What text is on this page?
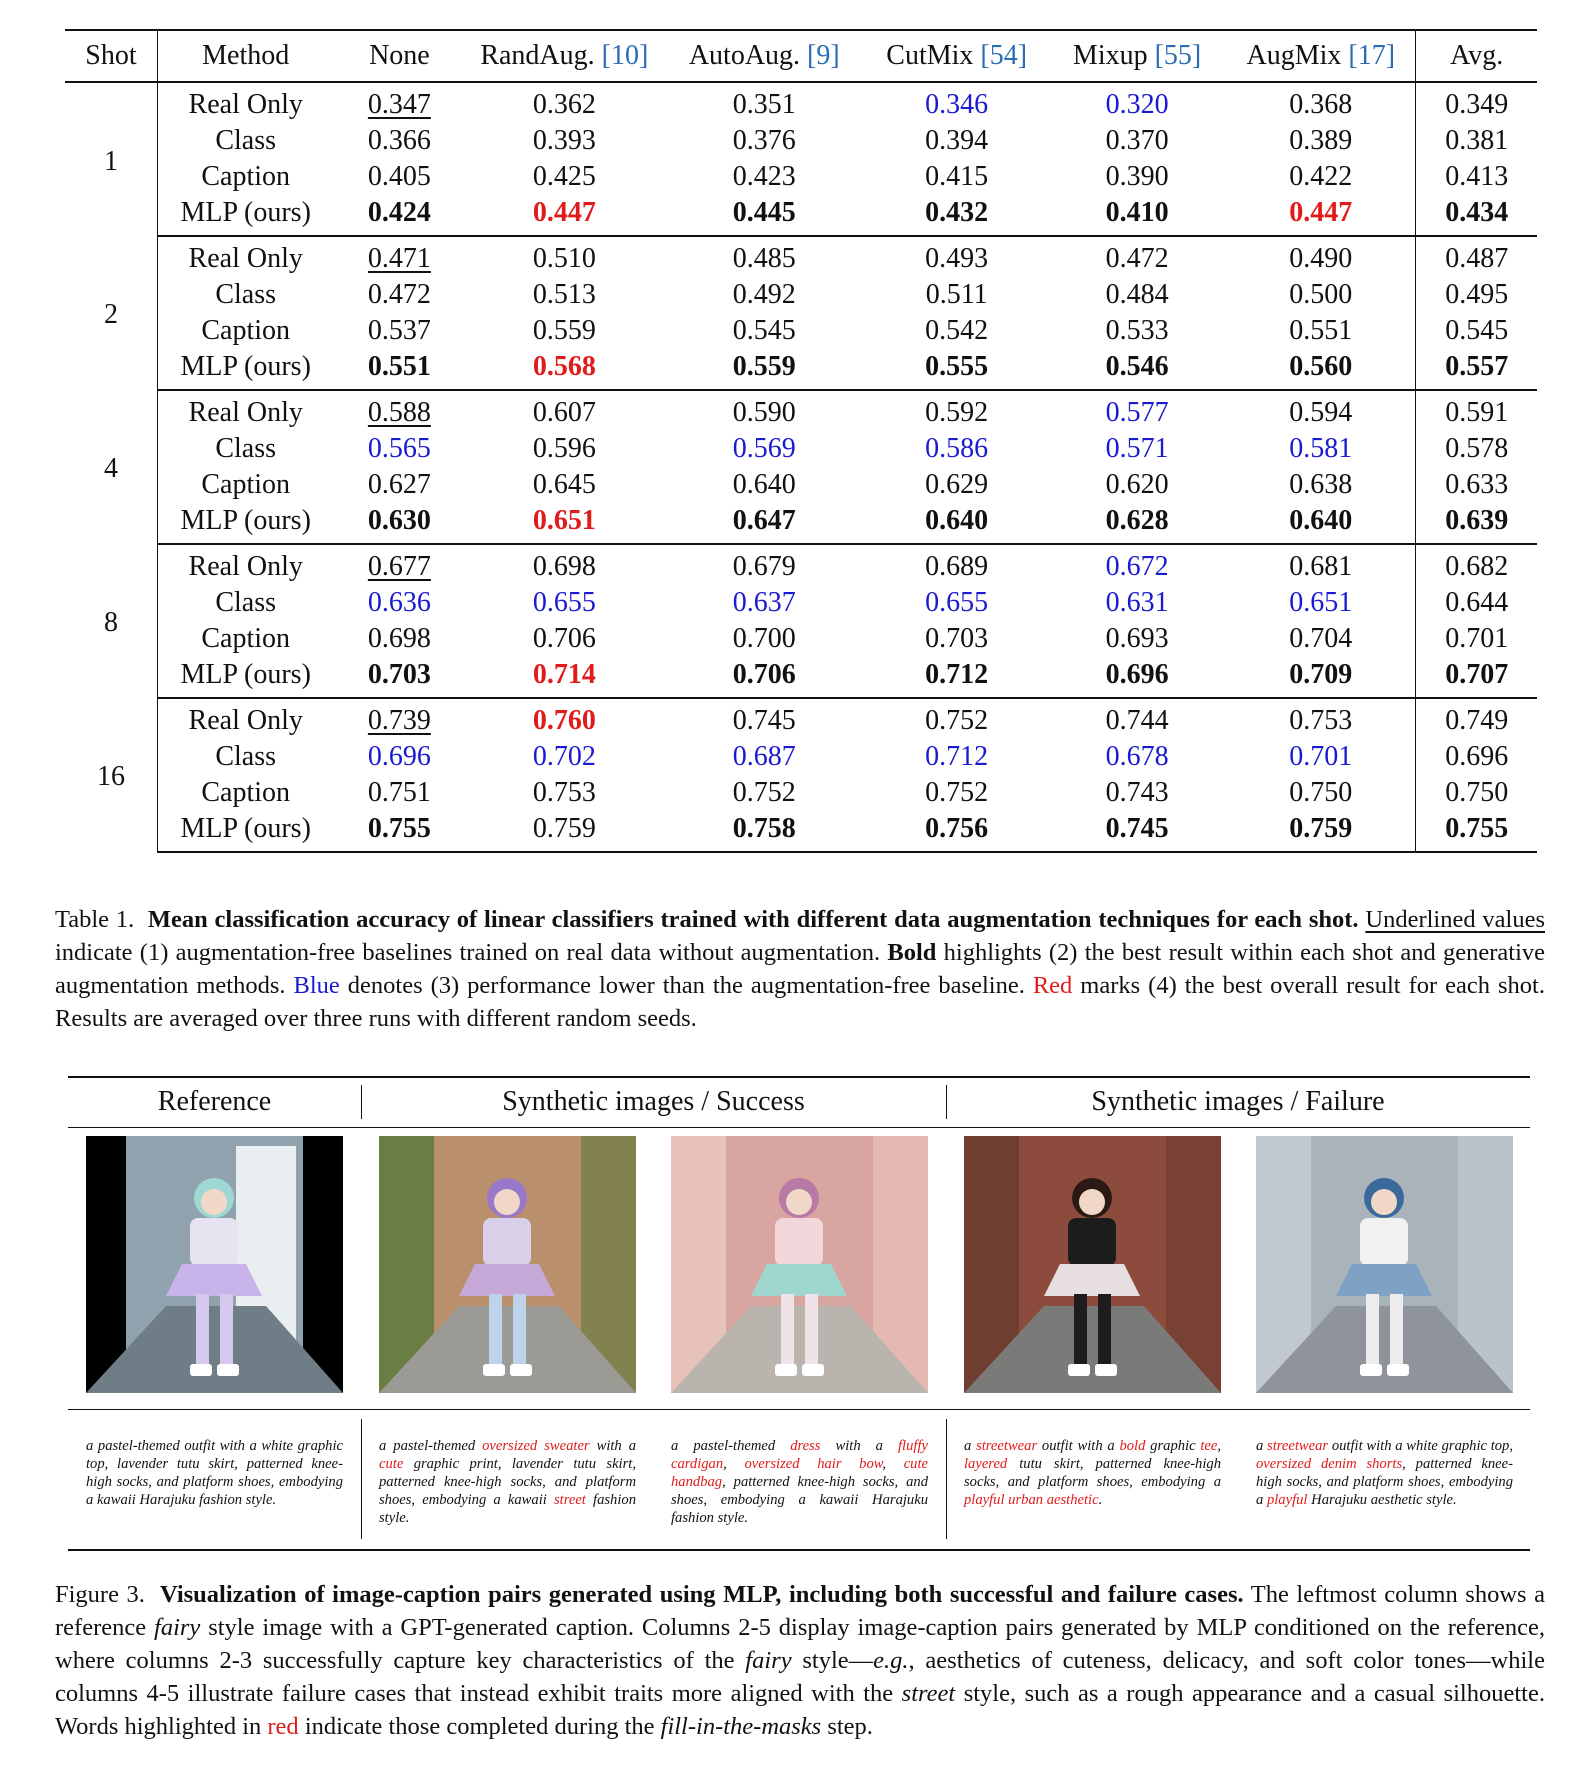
Shot	Method	None	RandAug. [10]	AutoAug. [9]	CutMix [54]	Mixup [55]	AugMix [17]	Avg.
1	Real Only	0.347	0.362	0.351	0.346	0.320	0.368	0.349
	Class	0.366	0.393	0.376	0.394	0.370	0.389	0.381
	Caption	0.405	0.425	0.423	0.415	0.390	0.422	0.413
	MLP (ours)	0.424	0.447	0.445	0.432	0.410	0.447	0.434
2	Real Only	0.471	0.510	0.485	0.493	0.472	0.490	0.487
	Class	0.472	0.513	0.492	0.511	0.484	0.500	0.495
	Caption	0.537	0.559	0.545	0.542	0.533	0.551	0.545
	MLP (ours)	0.551	0.568	0.559	0.555	0.546	0.560	0.557
4	Real Only	0.588	0.607	0.590	0.592	0.577	0.594	0.591
	Class	0.565	0.596	0.569	0.586	0.571	0.581	0.578
	Caption	0.627	0.645	0.640	0.629	0.620	0.638	0.633
	MLP (ours)	0.630	0.651	0.647	0.640	0.628	0.640	0.639
8	Real Only	0.677	0.698	0.679	0.689	0.672	0.681	0.682
	Class	0.636	0.655	0.637	0.655	0.631	0.651	0.644
	Caption	0.698	0.706	0.700	0.703	0.693	0.704	0.701
	MLP (ours)	0.703	0.714	0.706	0.712	0.696	0.709	0.707
16	Real Only	0.739	0.760	0.745	0.752	0.744	0.753	0.749
	Class	0.696	0.702	0.687	0.712	0.678	0.701	0.696
	Caption	0.751	0.753	0.752	0.752	0.743	0.750	0.750
	MLP (ours)	0.755	0.759	0.758	0.756	0.745	0.759	0.755
Table 1. Mean classification accuracy of linear classifiers trained with different data augmentation techniques for each shot. Underlined values indicate (1) augmentation-free baselines trained on real data without augmentation. Bold highlights (2) the best result within each shot and generative augmentation methods. Blue denotes (3) performance lower than the augmentation-free baseline. Red marks (4) the best overall result for each shot. Results are averaged over three runs with different random seeds.
Reference	Synthetic images / Success	Synthetic images / Failure
a pastel-themed outfit with a white graphic top, lavender tutu skirt, patterned knee-high socks, and platform shoes, embodying a kawaii Harajuku fashion style.
a pastel-themed oversized sweater with a cute graphic print, lavender tutu skirt, patterned knee-high socks, and platform shoes, embodying a kawaii street fashion style.
a pastel-themed dress with a fluffy cardigan, oversized hair bow, cute handbag, patterned knee-high socks, and shoes, embodying a kawaii Harajuku fashion style.
a streetwear outfit with a bold graphic tee, layered tutu skirt, patterned knee-high socks, and platform shoes, embodying a playful urban aesthetic.
a streetwear outfit with a white graphic top, oversized denim shorts, patterned knee-high socks, and platform shoes, embodying a playful Harajuku aesthetic style.
Figure 3. Visualization of image-caption pairs generated using MLP, including both successful and failure cases. The leftmost column shows a reference fairy style image with a GPT-generated caption. Columns 2-5 display image-caption pairs generated by MLP conditioned on the reference, where columns 2-3 successfully capture key characteristics of the fairy style—e.g., aesthetics of cuteness, delicacy, and soft color tones—while columns 4-5 illustrate failure cases that instead exhibit traits more aligned with the street style, such as a rough appearance and a casual silhouette. Words highlighted in red indicate those completed during the fill-in-the-masks step.
